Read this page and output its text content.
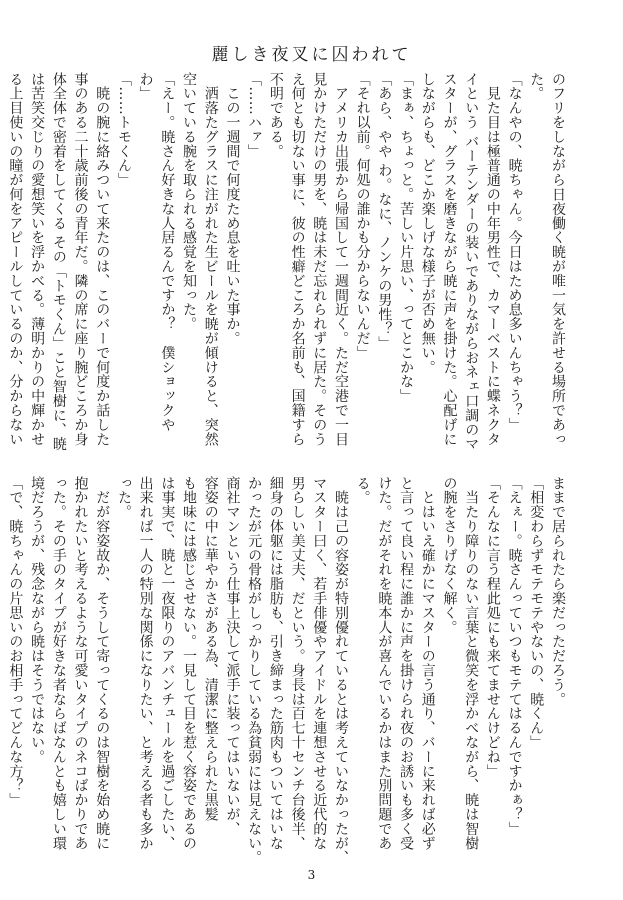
麗しき夜叉に囚われて
のフリをしながら日夜働く暁が唯一気を許せる場所であっ
た。
「なんやの、暁ちゃん。今日はため息多いんちゃう？」
　見た目は極普通の中年男性で、カマーベストに蝶ネクタ
イという バーテンダーの装いでありながらおネェ口調のマ
スターが、グラスを磨きながら暁に声を掛けた。心配げに
しながらも、どこか楽しげな様子が否め無い。
「まぁ、ちょっと。苦しい片思い、ってとこかな」
「あら、やや わ。なに、ノンケの男性？」
「それ以前。何処の誰かも分からないんだ」
　アメリカ出張から帰国して一週間近く。ただ空港で一目
見かけただけの男を、暁は未だ忘れられずに居た。そのう
え何とも切ない事に、彼の性癖どころか名前も、国籍すら
不明である。
「……ハァ」
　この一週間で何度ため息を吐いた事か。
　洒落たグラスに注がれた生ビールを暁が傾けると、突然
空いている腕を取られる感覚を知った。
「えー。暁さん好きな人居るんですか？　僕ショックや
わ」
「……トモくん」
　暁の腕に絡みついて来たのは、このバーで何度か話した
事のある二十歳前後の青年だ。隣の席に座り腕どころか身
体全体で密着をしてくる その「トモくん」こと智樹に、暁
は苦笑交じりの愛想笑いを浮かべる。薄明かりの中輝かせ
る上目使いの瞳が何をアピールしているのか、分からない
ままで居られたら楽だっただろう。
「相変わらずモテモテやないの、暁くん」
「えぇー。暁さんっていつもモテてはるんですかぁ？」
「そんなに言う程此処にも来てませんけどね」
　当たり障りのない言葉と微笑を浮かべながら、暁は智樹
の腕をさりげなく解く。
　とはいえ確かにマスターの言う通り、バーに来れば必ず
と言って良い程に誰かに声を掛けられ夜のお誘いも多く受
けた。だがそれを暁本人が喜んでいるかはまた別問題であ
る。
　暁は己の容姿が特別優れているとは考えていなかったが、
マスター曰く、若手俳優やアイドルを連想させる近代的な
男らしい美丈夫、だという。身長は百七十センチ台後半、
細身の体躯には脂肪も、引き締まった筋肉もついてはいな
かったが元の骨格がしっかりしている為貧弱には見えない。
商社マンという仕事上決して派手に装ってはいないが、
容姿の中に華やかさがある為、清潔に整えられた黒髪
も地味には感じさせない。一見して目を惹く容姿であるの
は事実で、暁と一夜限りのアバンチュールを過ごしたい、
出来れば一人の特別な関係になりたい、と考える者も多か
った。
　だが容姿故か、そうして寄ってくるのは智樹を始め暁に
抱かれたいと考えるような可愛いタイプのネコばかりであ
った。その手のタイプが好きな者ならばなんとも嬉しい環
境だろうが、残念ながら暁はそうではない。
「で、暁ちゃんの片思いのお相手ってどんな方？」
3
